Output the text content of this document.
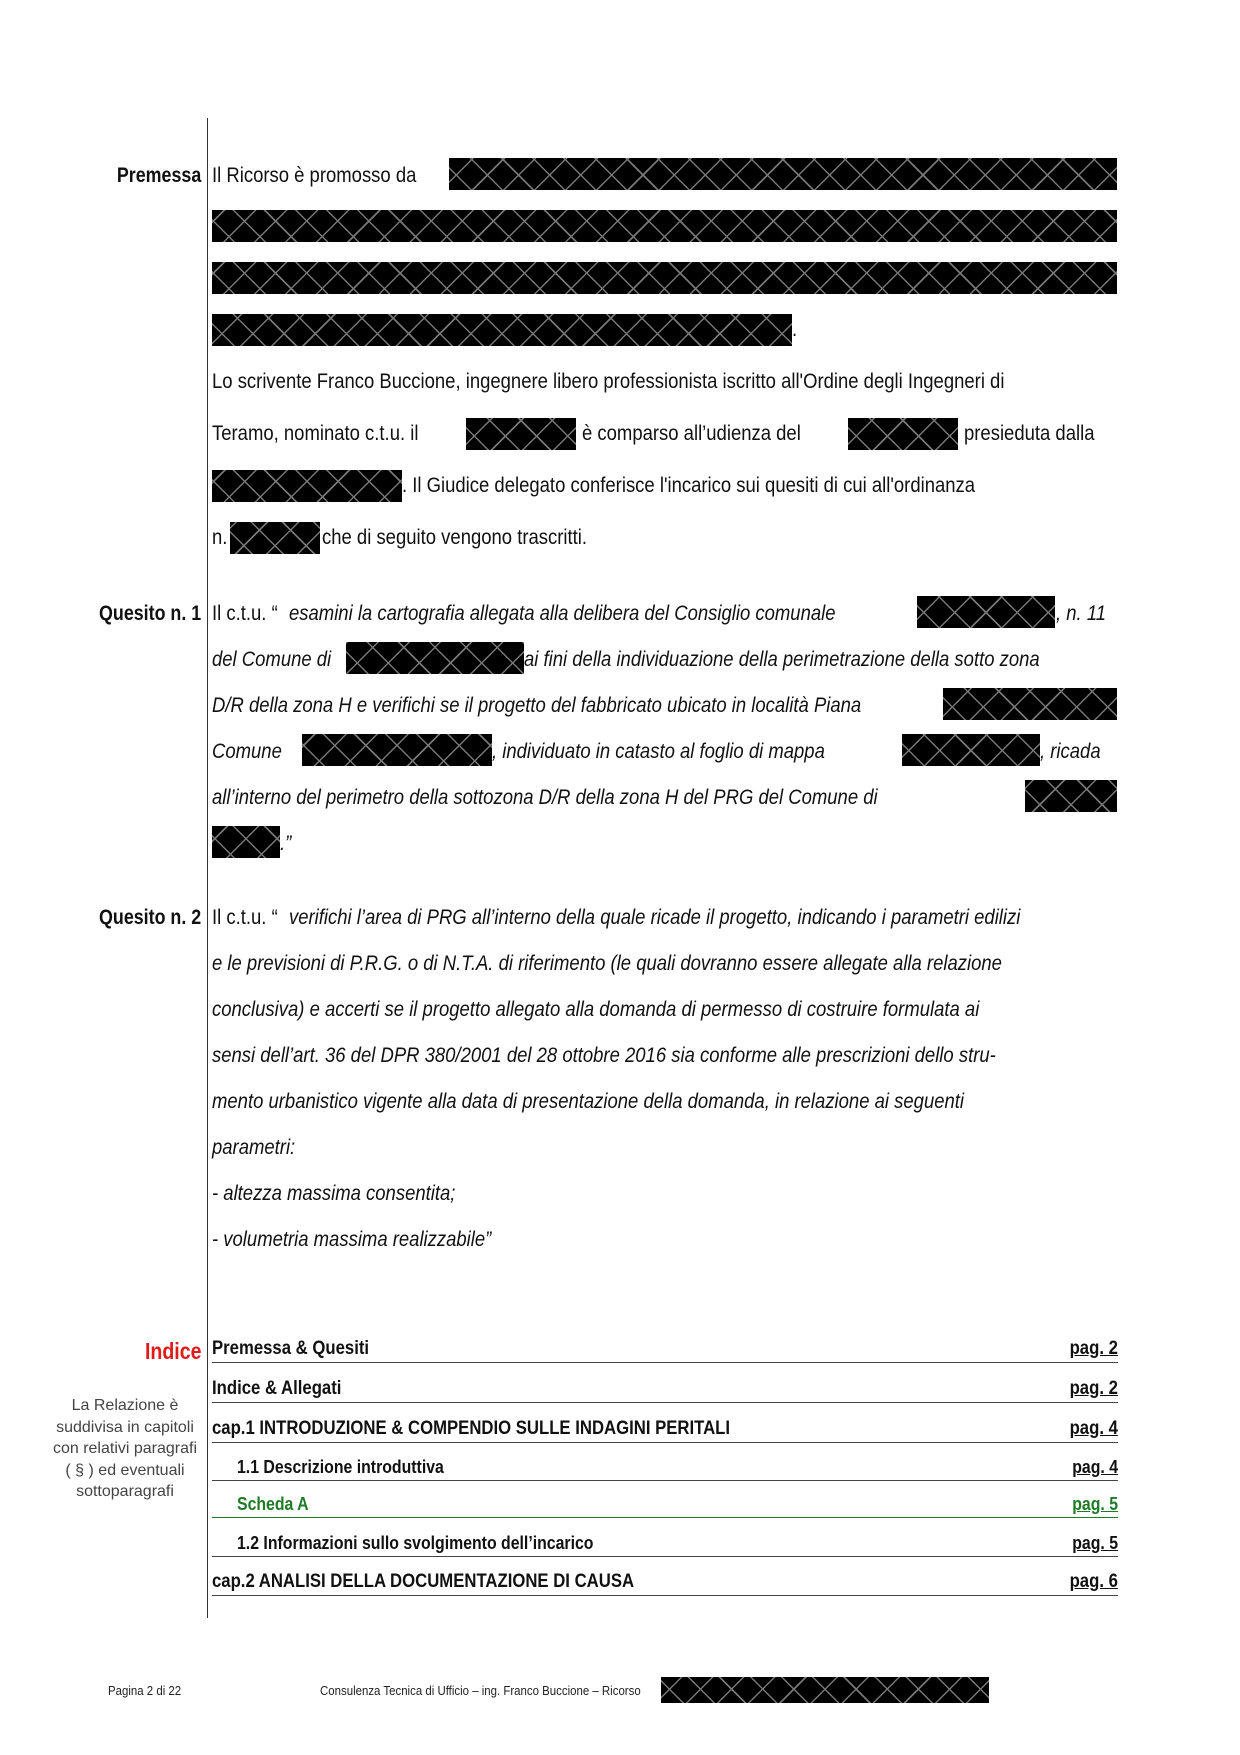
Premessa
Quesito n. 1
Quesito n. 2
Indice
Il Ricorso è promosso da
.
Lo scrivente Franco Buccione, ingegnere libero professionista iscritto all'Ordine degli Ingegneri di
Teramo, nominato c.t.u. il	è comparso all’udienza del	presieduta dalla
. Il Giudice delegato conferisce l'incarico sui quesiti di cui all'ordinanza
n.	che di seguito vengono trascritti.
Il c.t.u. “ esamini la cartografia allegata alla delibera del Consiglio comunale	, n. 11
del Comune di	ai fini della individuazione della perimetrazione della sotto zona
D/R della zona H e verifichi se il progetto del fabbricato ubicato in località Piana
Comune	, individuato in catasto al foglio di mappa	, ricada
all’interno del perimetro della sottozona D/R della zona H del PRG del Comune di
.”
Il c.t.u. “ verifichi l’area di PRG all’interno della quale ricade il progetto, indicando i parametri edilizi
e le previsioni di P.R.G. o di N.T.A. di riferimento (le quali dovranno essere allegate alla relazione
conclusiva) e accerti se il progetto allegato alla domanda di permesso di costruire formulata ai
sensi dell’art. 36 del DPR 380/2001 del 28 ottobre 2016 sia conforme alle prescrizioni dello stru-
mento urbanistico vigente alla data di presentazione della domanda, in relazione ai seguenti
parametri:
- altezza massima consentita;
- volumetria massima realizzabile”
Premessa & Quesiti	pag. 2
Indice & Allegati	pag. 2
cap.1 INTRODUZIONE & COMPENDIO SULLE INDAGINI PERITALI	pag. 4
1.1 Descrizione introduttiva	pag. 4
Scheda A	pag. 5
1.2 Informazioni sullo svolgimento dell’incarico	pag. 5
cap.2 ANALISI DELLA DOCUMENTAZIONE DI CAUSA	pag. 6
La Relazione è suddivisa in capitoli con relativi paragrafi ( § ) ed eventuali sottoparagrafi
Pagina 2 di 22	Consulenza Tecnica di Ufficio – ing. Franco Buccione – Ricorso
